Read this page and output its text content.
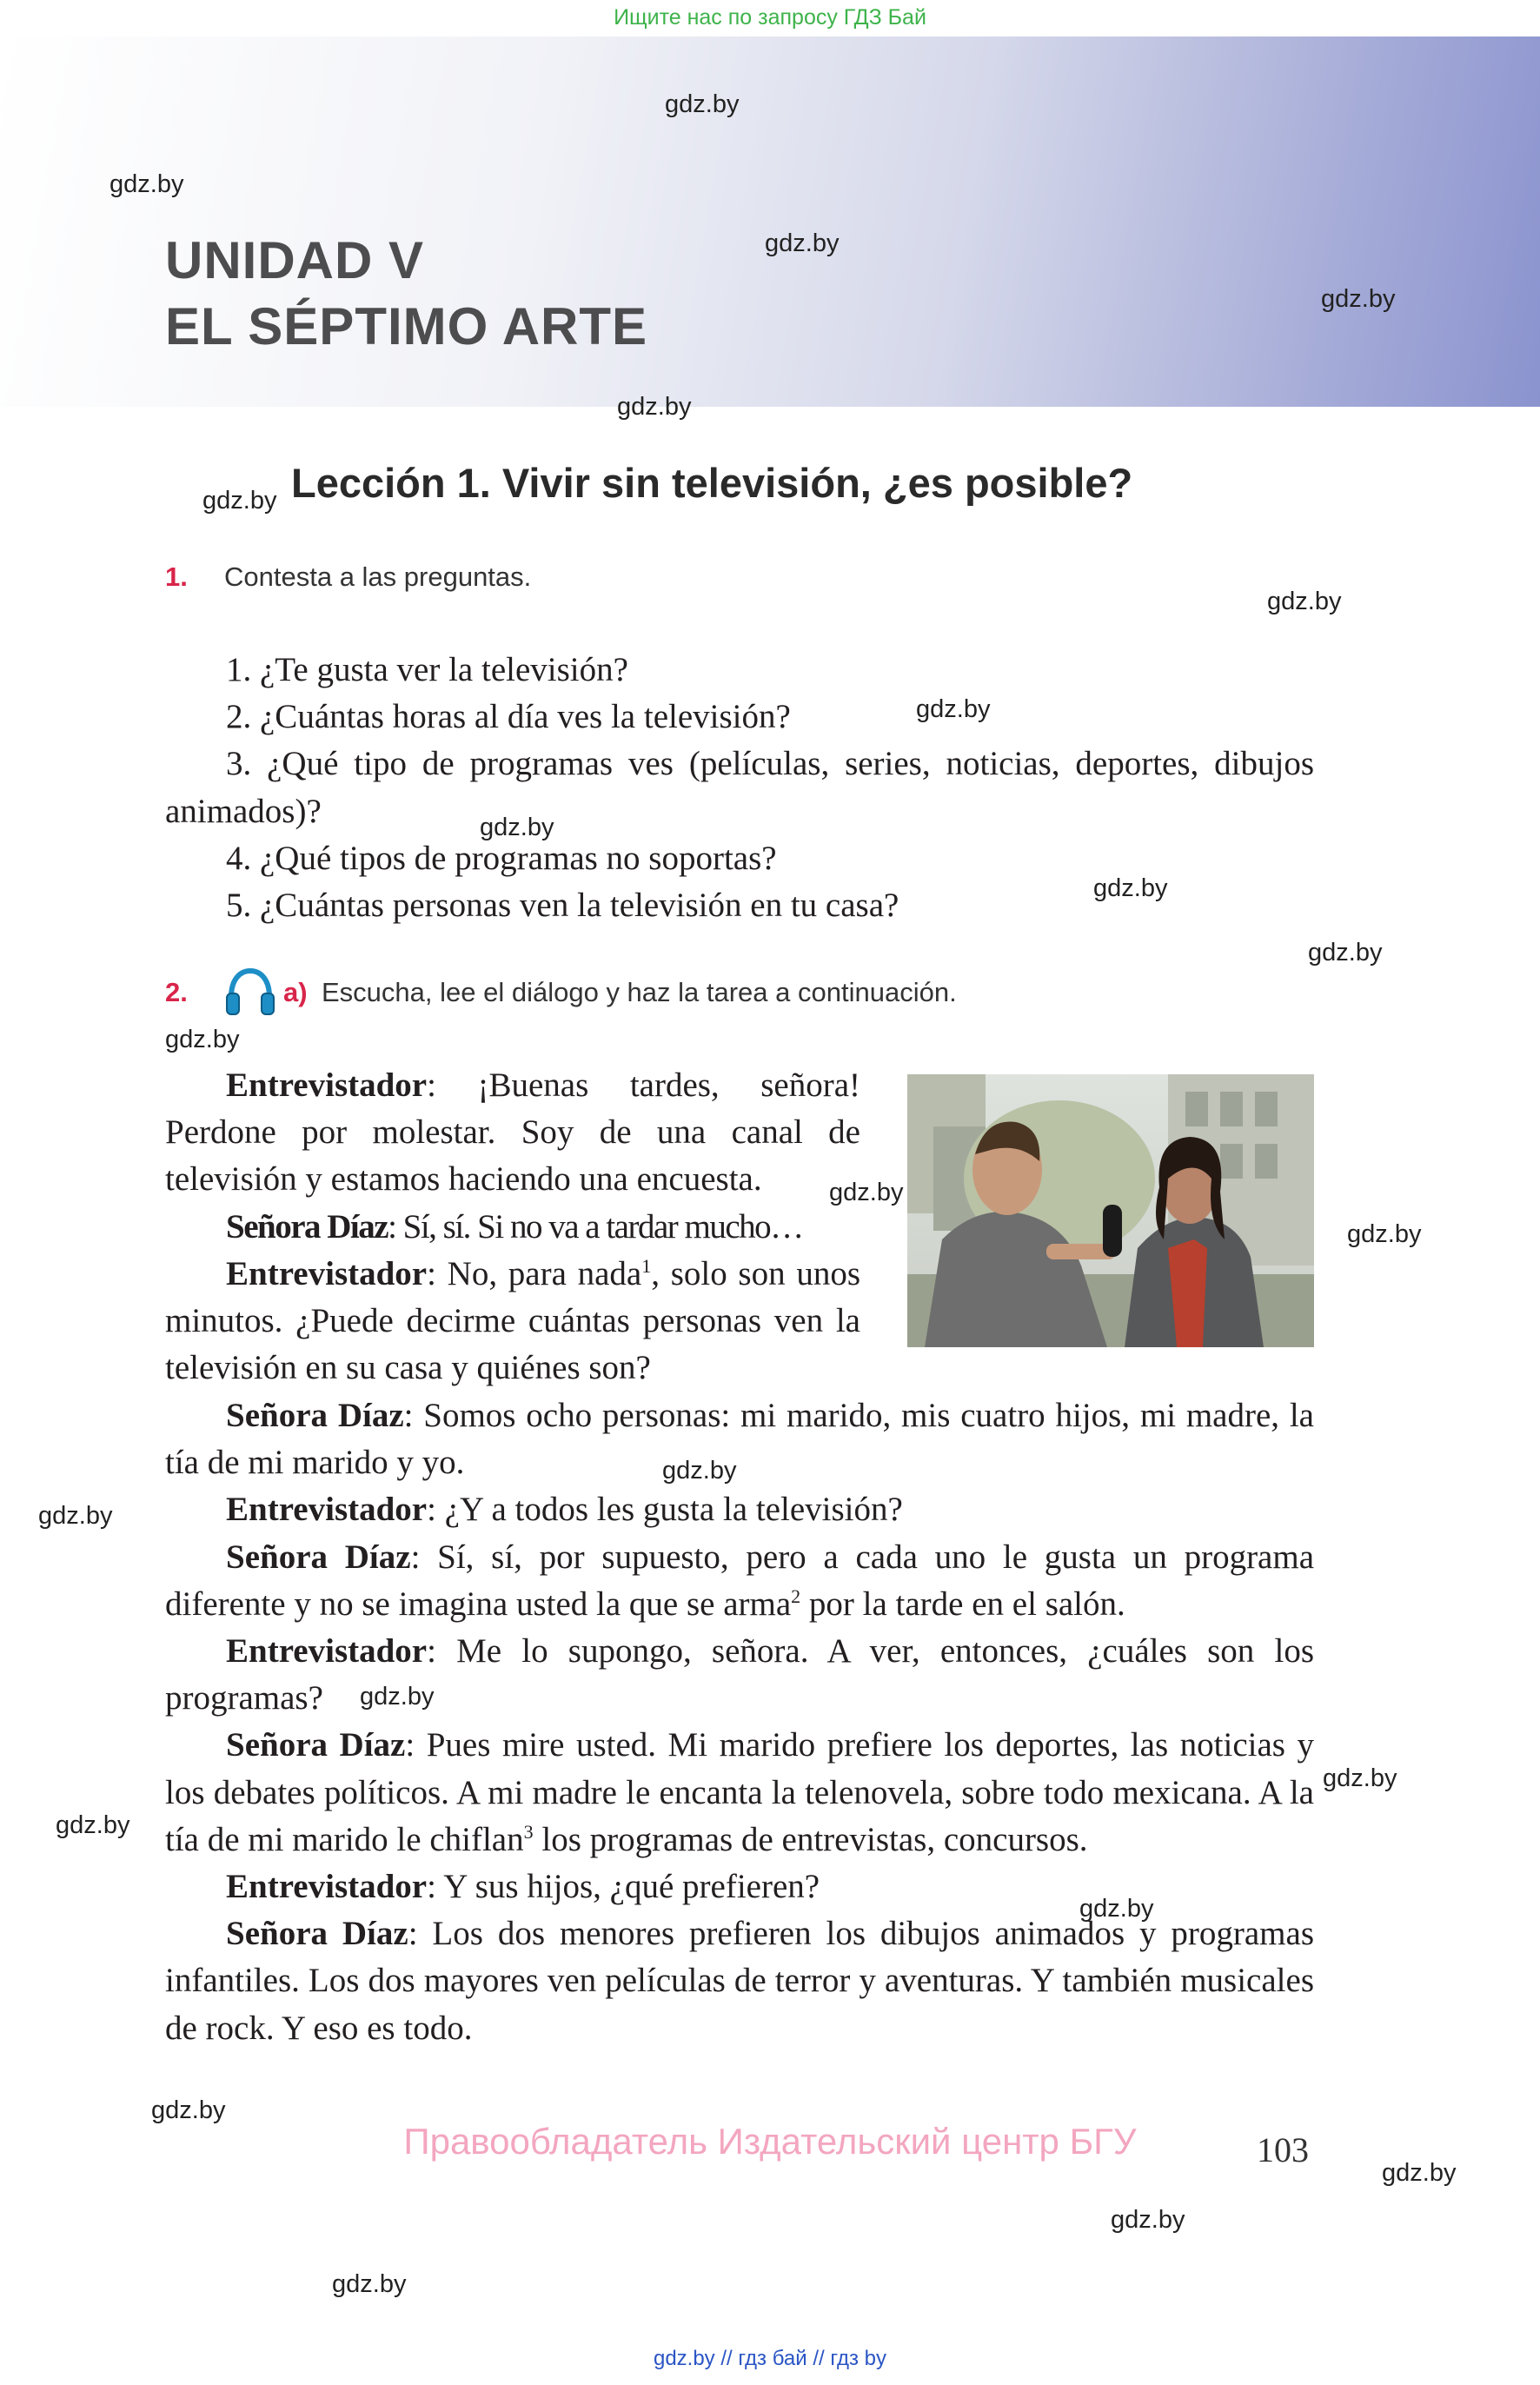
Ищите нас по запросу ГДЗ Бай
UNIDAD V
EL SÉPTIMO ARTE
Lección 1. Vivir sin televisión, ¿es posible?
1. Contesta a las preguntas.

1. ¿Te gusta ver la televisión?

2. ¿Cuántas horas al día ves la televisión?

3. ¿Qué tipo de programas ves (películas, series, noticias, deportes, dibujos animados)?

4. ¿Qué tipos de programas no soportas?

5. ¿Cuántas personas ven la televisión en tu casa?

2.	a) Escucha, lee el diálogo y haz la tarea a continuación.

Entrevistador: ¡Buenas tardes, señora! Perdone por molestar. Soy de una canal de televisión y estamos haciendo una encuesta.

Señora Díaz: Sí, sí. Si no va a tardar mucho…

Entrevistador: No, para nada$^1$, solo son unos minutos. ¿Puede decirme cuántas personas ven la televisión en su casa y quiénes son?

Señora Díaz: Somos ocho personas: mi marido, mis cuatro hijos, mi madre, la tía de mi marido y yo.

Entrevistador: ¿Y a todos les gusta la televisión?

Señora Díaz: Sí, sí, por supuesto, pero a cada uno le gusta un programa diferente y no se imagina usted la que se arma$^2$ por la tarde en el salón.

Entrevistador: Me lo supongo, señora. A ver, entonces, ¿cuáles son los programas?

Señora Díaz: Pues mire usted. Mi marido prefiere los deportes, las noticias y los debates políticos. A mi madre le encanta la telenovela, sobre todo mexicana. A la tía de mi marido le chiflan$^3$ los programas de entrevistas, concursos.

Entrevistador: Y sus hijos, ¿qué prefieren?

Señora Díaz: Los dos menores prefieren los dibujos animados y programas infantiles. Los dos mayores ven películas de terror y aventuras. Y también musicales de rock. Y eso es todo.

Правообладатель Издательский центр БГУ	103
gdz.by // гдз бай // гдз by
gdz.by
gdz.by
gdz.by
gdz.by
gdz.by
gdz.by
gdz.by
gdz.by
gdz.by
gdz.by
gdz.by
gdz.by
gdz.by
gdz.by
gdz.by
gdz.by
gdz.by
gdz.by
gdz.by
gdz.by
gdz.by
gdz.by
gdz.by
gdz.by
